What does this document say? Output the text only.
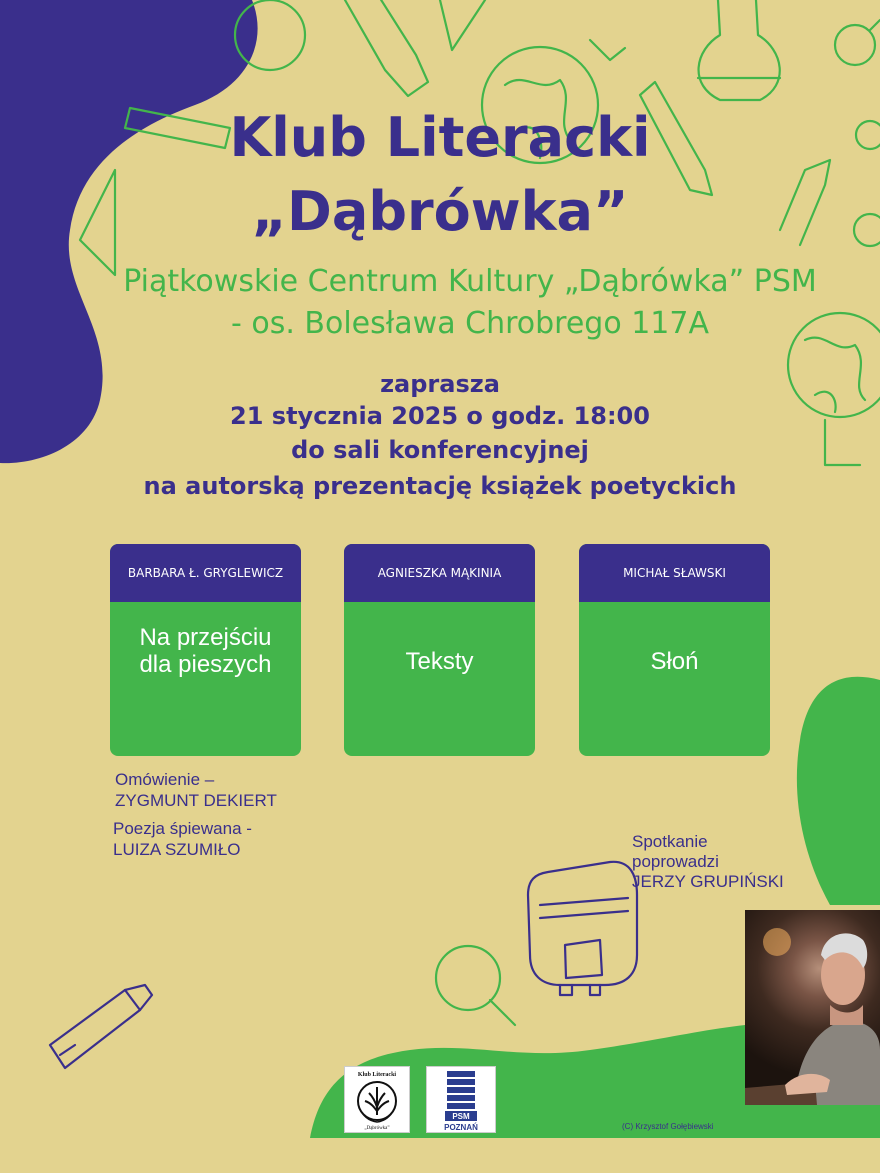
Klub Literacki
„Dąbrówka”
Piątkowskie Centrum Kultury „Dąbrówka” PSM
- os. Bolesława Chrobrego 117A
zaprasza
21 stycznia 2025 o godz. 18:00
do sali konferencyjnej
na autorską prezentację książek poetyckich
BARBARA Ł. GRYGLEWICZ
Na przejściu dla pieszych
AGNIESZKA MĄKINIA
Teksty
MICHAŁ SŁAWSKI
Słoń
Omówienie –
ZYGMUNT DEKIERT
Poezja śpiewana -
LUIZA SZUMIŁO	Spotkanie
poprowadzi
JERZY GRUPIŃSKI
Klub Literacki
„Dąbrówka”
PSM
POZNAŃ	(C) Krzysztof Gołębiewski
